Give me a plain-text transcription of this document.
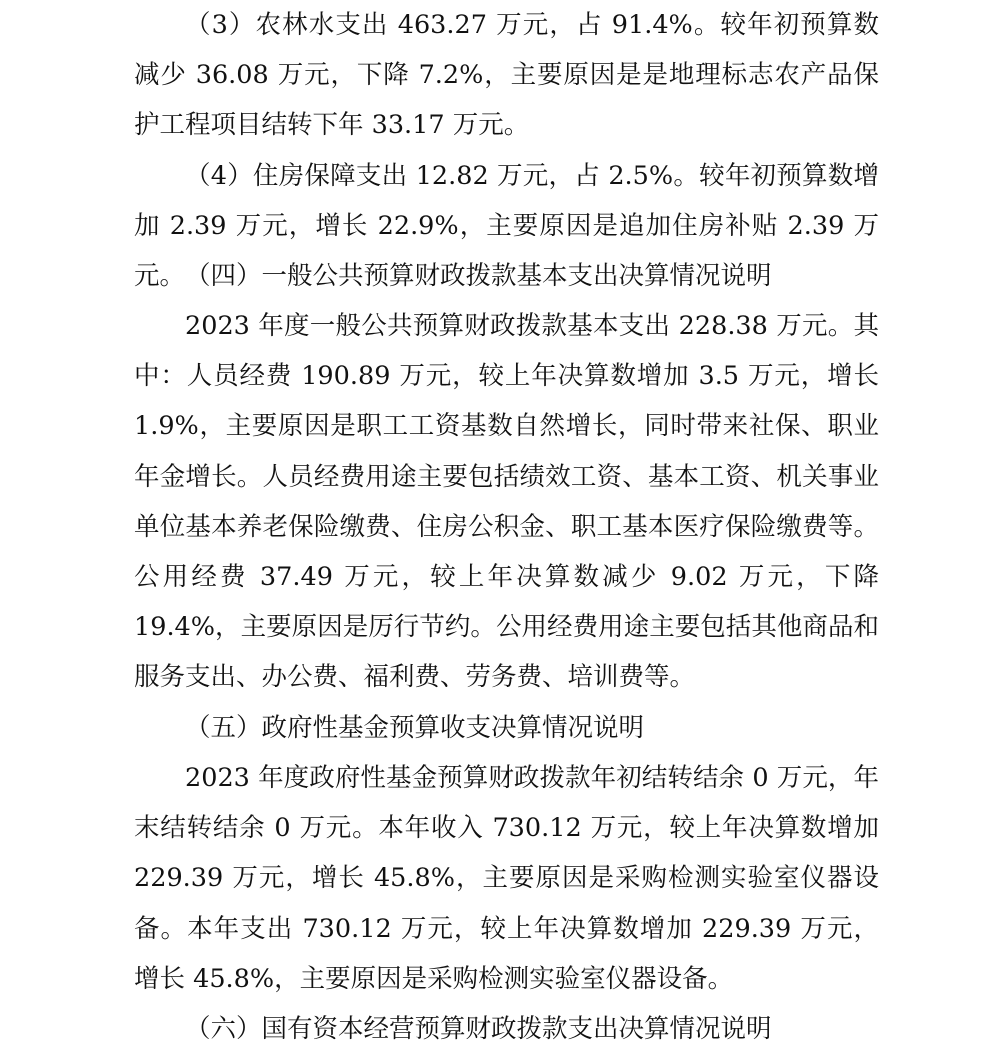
（3）农林水支出 463.27 万元，占 91.4%。较年初预算数减少 36.08 万元，下降 7.2%，主要原因是是地理标志农产品保护工程项目结转下年 33.17 万元。

（4）住房保障支出 12.82 万元，占 2.5%。较年初预算数增加 2.39 万元，增长 22.9%，主要原因是追加住房补贴 2.39 万元。 （四）一般公共预算财政拨款基本支出决算情况说明

2023 年度一般公共预算财政拨款基本支出 228.38 万元。其中：人员经费 190.89 万元，较上年决算数增加 3.5 万元，增长 1.9%，主要原因是职工工资基数自然增长，同时带来社保、职业年金增长。人员经费用途主要包括绩效工资、基本工资、机关事业单位基本养老保险缴费、住房公积金、职工基本医疗保险缴费等。公用经费 37.49 万元，较上年决算数减少 9.02 万元，下降 19.4%，主要原因是厉行节约。公用经费用途主要包括其他商品和服务支出、办公费、福利费、劳务费、培训费等。

（五）政府性基金预算收支决算情况说明

2023 年度政府性基金预算财政拨款年初结转结余 0 万元，年末结转结余 0 万元。本年收入 730.12 万元，较上年决算数增加 229.39 万元，增长 45.8%，主要原因是采购检测实验室仪器设备。本年支出 730.12 万元，较上年决算数增加 229.39 万元，增长 45.8%，主要原因是采购检测实验室仪器设备。

（六）国有资本经营预算财政拨款支出决算情况说明
